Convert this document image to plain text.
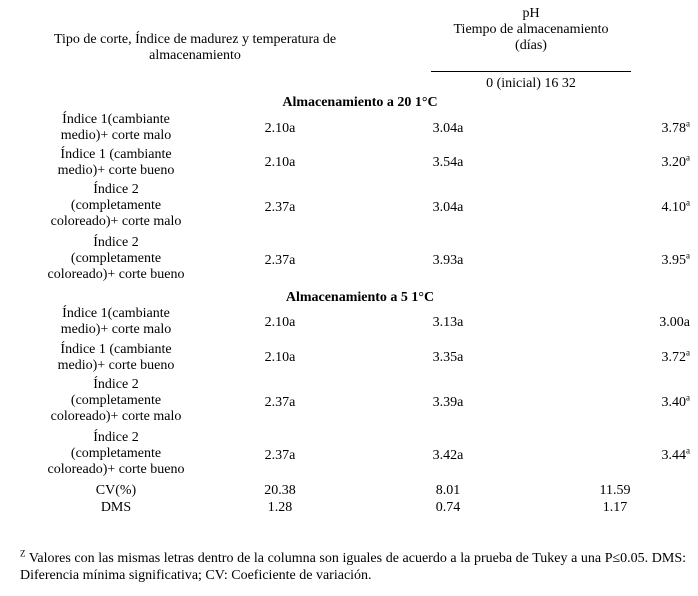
Tipo de corte, Índice de madurez y temperatura de
almacenamiento
pH
Tiempo de almacenamiento
(días)
0 (inicial) 16 32
Almacenamiento a 20 1°C
Índice 1(cambiante
medio)+ corte malo	2.10a	3.04a	3.78$^a$
Índice 1 (cambiante
medio)+ corte bueno
2.10a	3.54a	3.20$^a$
Índice 2
(completamente
coloreado)+ corte malo
2.37a	3.04a	4.10$^a$
Índice 2
(completamente
coloreado)+ corte bueno
2.37a	3.93a	3.95$^a$
Almacenamiento a 5 1°C
Índice 1(cambiante
medio)+ corte malo	2.10a	3.13a	3.00a
Índice 1 (cambiante
medio)+ corte bueno
2.10a	3.35a	3.72$^a$
Índice 2
(completamente
coloreado)+ corte malo
2.37a	3.39a	3.40$^a$
Índice 2
(completamente
coloreado)+ corte bueno
2.37a	3.42a	3.44$^a$
CV(%)	20.38	8.01	11.59
DMS	1.28	0.74	1.17
$^Z$ Valores con las mismas letras dentro de la columna son iguales de acuerdo a la prueba de Tukey a una P≤0.05. DMS: Diferencia mínima significativa; CV: Coeficiente de variación.
